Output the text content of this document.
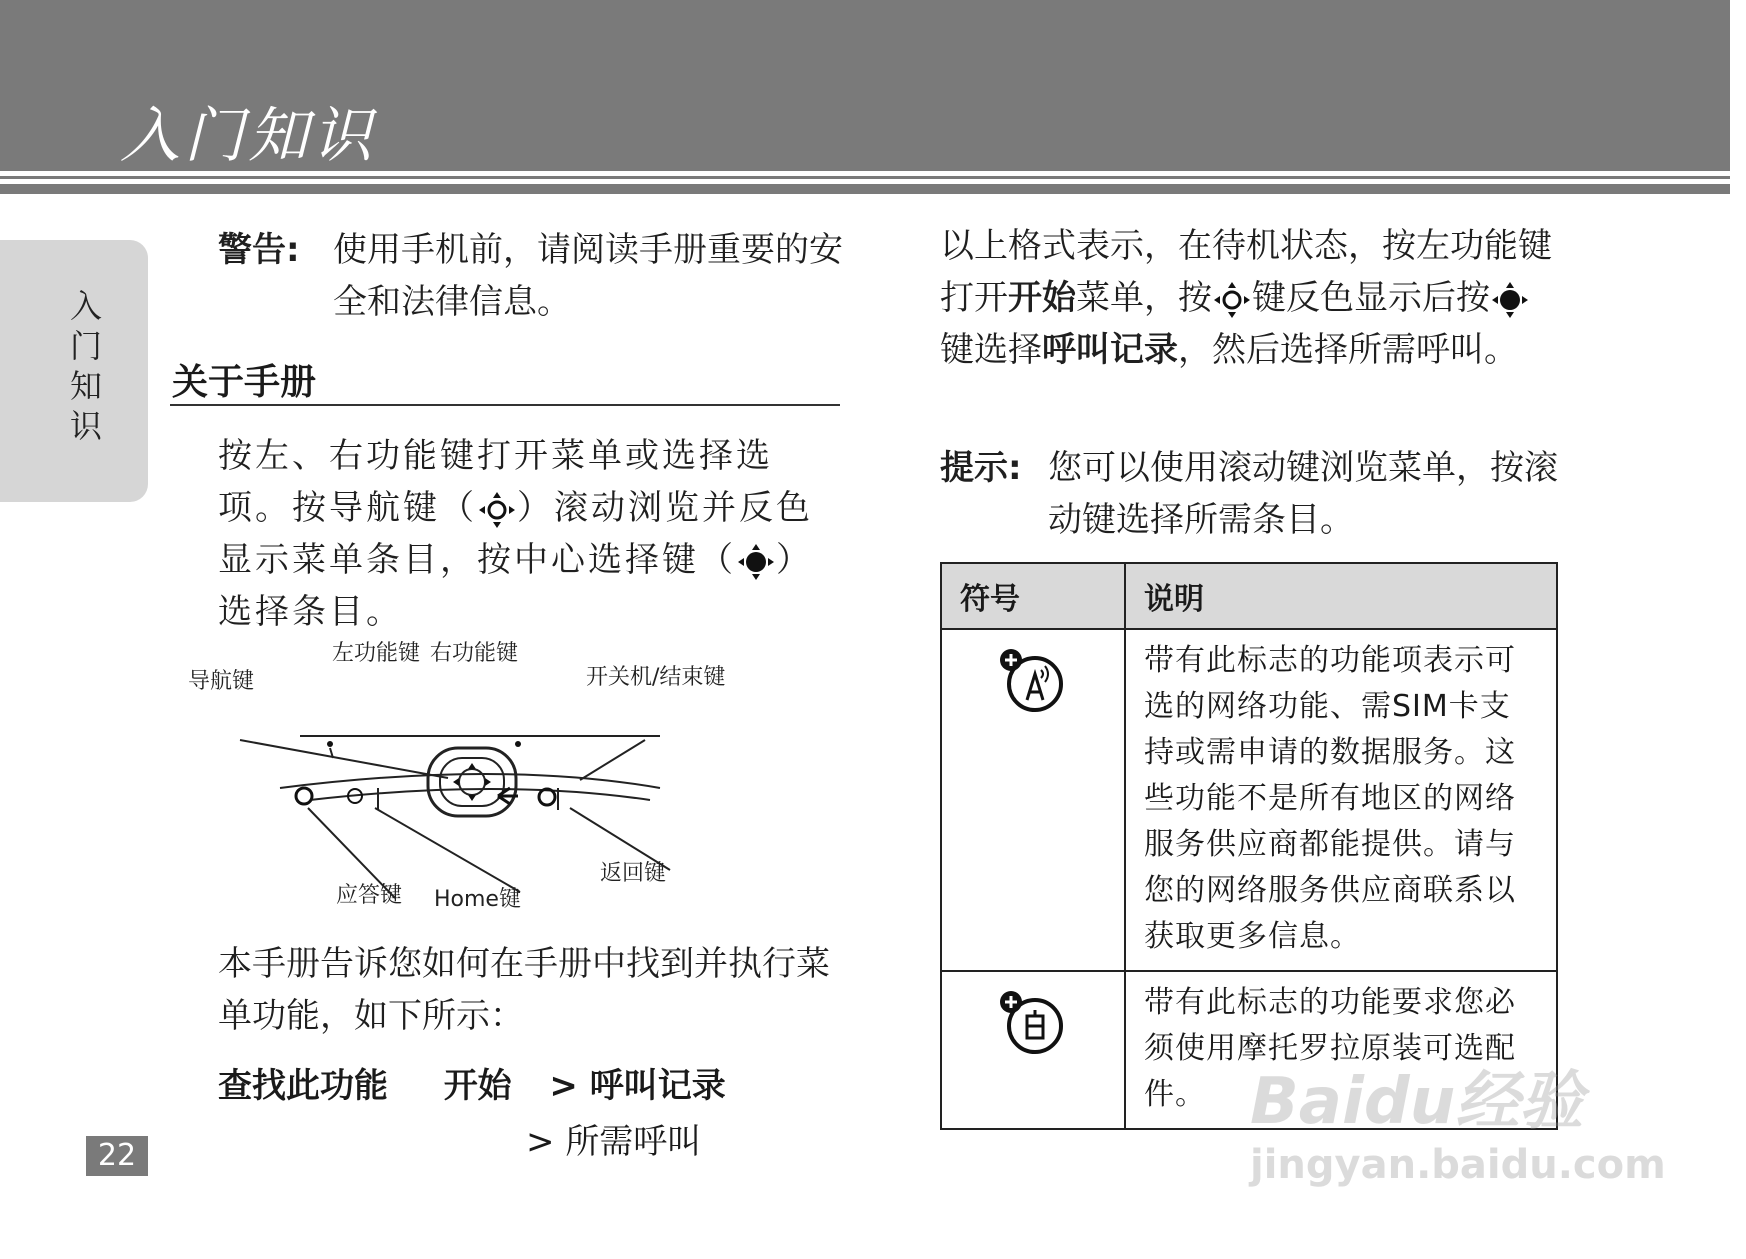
入门知识
入门知识
22
警告: 使用手机前，请阅读手册重要的安全和法律信息。
关于手册
按左、右功能键打开菜单或选择选项。按导航键（ ）滚动浏览并反色显示菜单条目，按中心选择键（ ）选择条目。
左功能键 右功能键
导航键	开关机/结束键
应答键 Home键
返回键
本手册告诉您如何在手册中找到并执行菜单功能，如下所示：
查找此功能 开始 > 呼叫记录
> 所需呼叫
以上格式表示，在待机状态，按左功能键打开开始菜单，按 键反色显示后按键选择呼叫记录，然后选择所需呼叫。
提示: 您可以使用滚动键浏览菜单，按滚动键选择所需条目。
符号	说明
	带有此标志的功能项表示可选的网络功能、需SIM卡支持或需申请的数据服务。这些功能不是所有地区的网络服务供应商都能提供。请与您的网络服务供应商联系以获取更多信息。
	带有此标志的功能要求您必须使用摩托罗拉原装可选配件。 Baidu经验
jingyan.baidu.com
